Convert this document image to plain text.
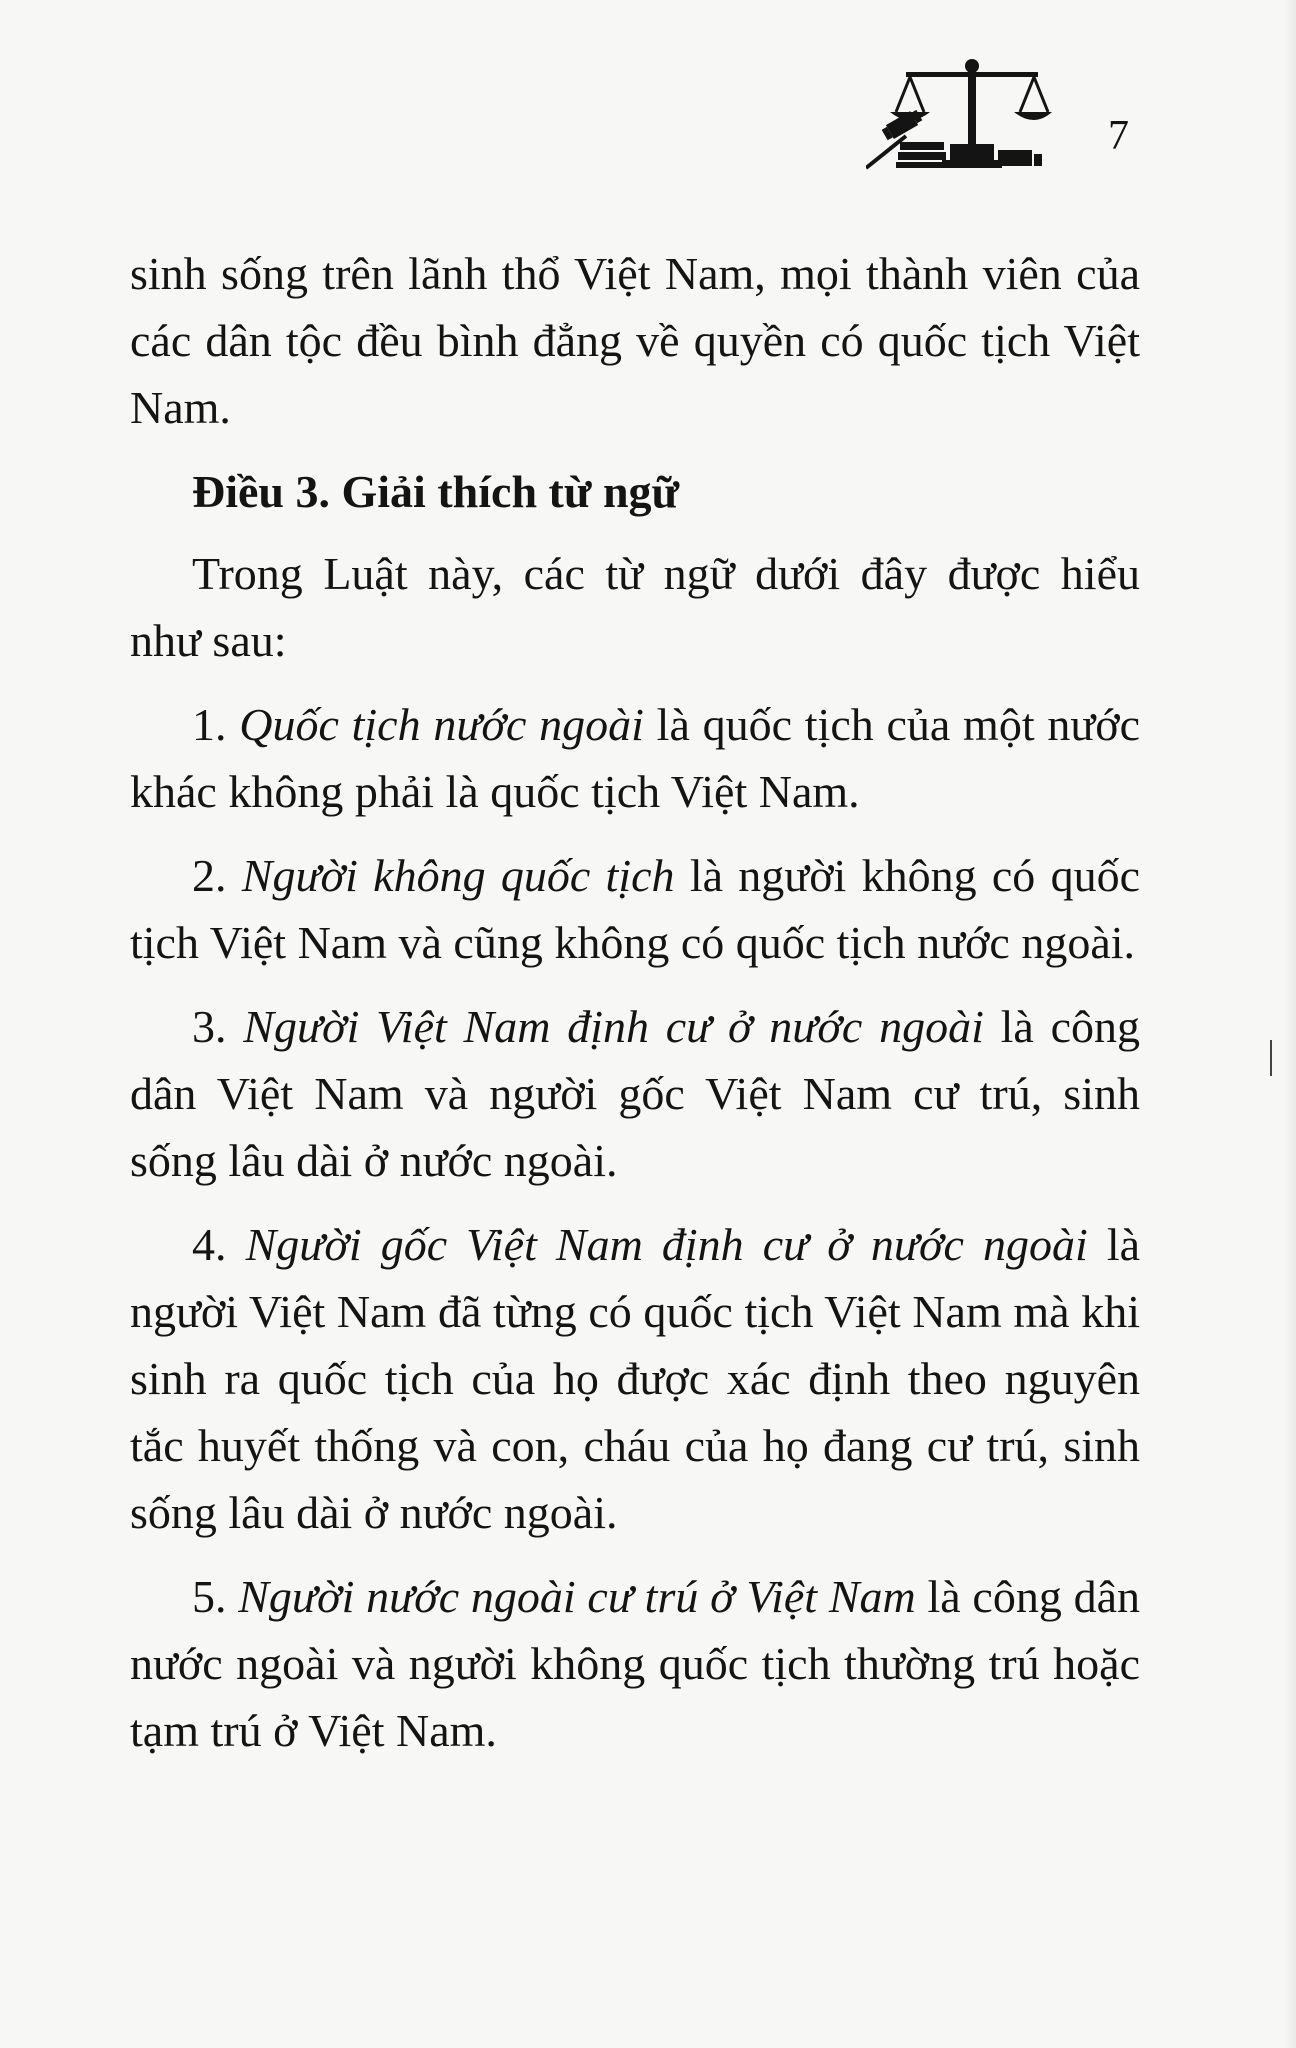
7

sinh sống trên lãnh thổ Việt Nam, mọi thành viên của các dân tộc đều bình đẳng về quyền có quốc tịch Việt Nam.

Điều 3. Giải thích từ ngữ

Trong Luật này, các từ ngữ dưới đây được hiểu như sau:

1. Quốc tịch nước ngoài là quốc tịch của một nước khác không phải là quốc tịch Việt Nam.

2. Người không quốc tịch là người không có quốc tịch Việt Nam và cũng không có quốc tịch nước ngoài.

3. Người Việt Nam định cư ở nước ngoài là công dân Việt Nam và người gốc Việt Nam cư trú, sinh sống lâu dài ở nước ngoài.

4. Người gốc Việt Nam định cư ở nước ngoài là người Việt Nam đã từng có quốc tịch Việt Nam mà khi sinh ra quốc tịch của họ được xác định theo nguyên tắc huyết thống và con, cháu của họ đang cư trú, sinh sống lâu dài ở nước ngoài.

5. Người nước ngoài cư trú ở Việt Nam là công dân nước ngoài và người không quốc tịch thường trú hoặc tạm trú ở Việt Nam.
